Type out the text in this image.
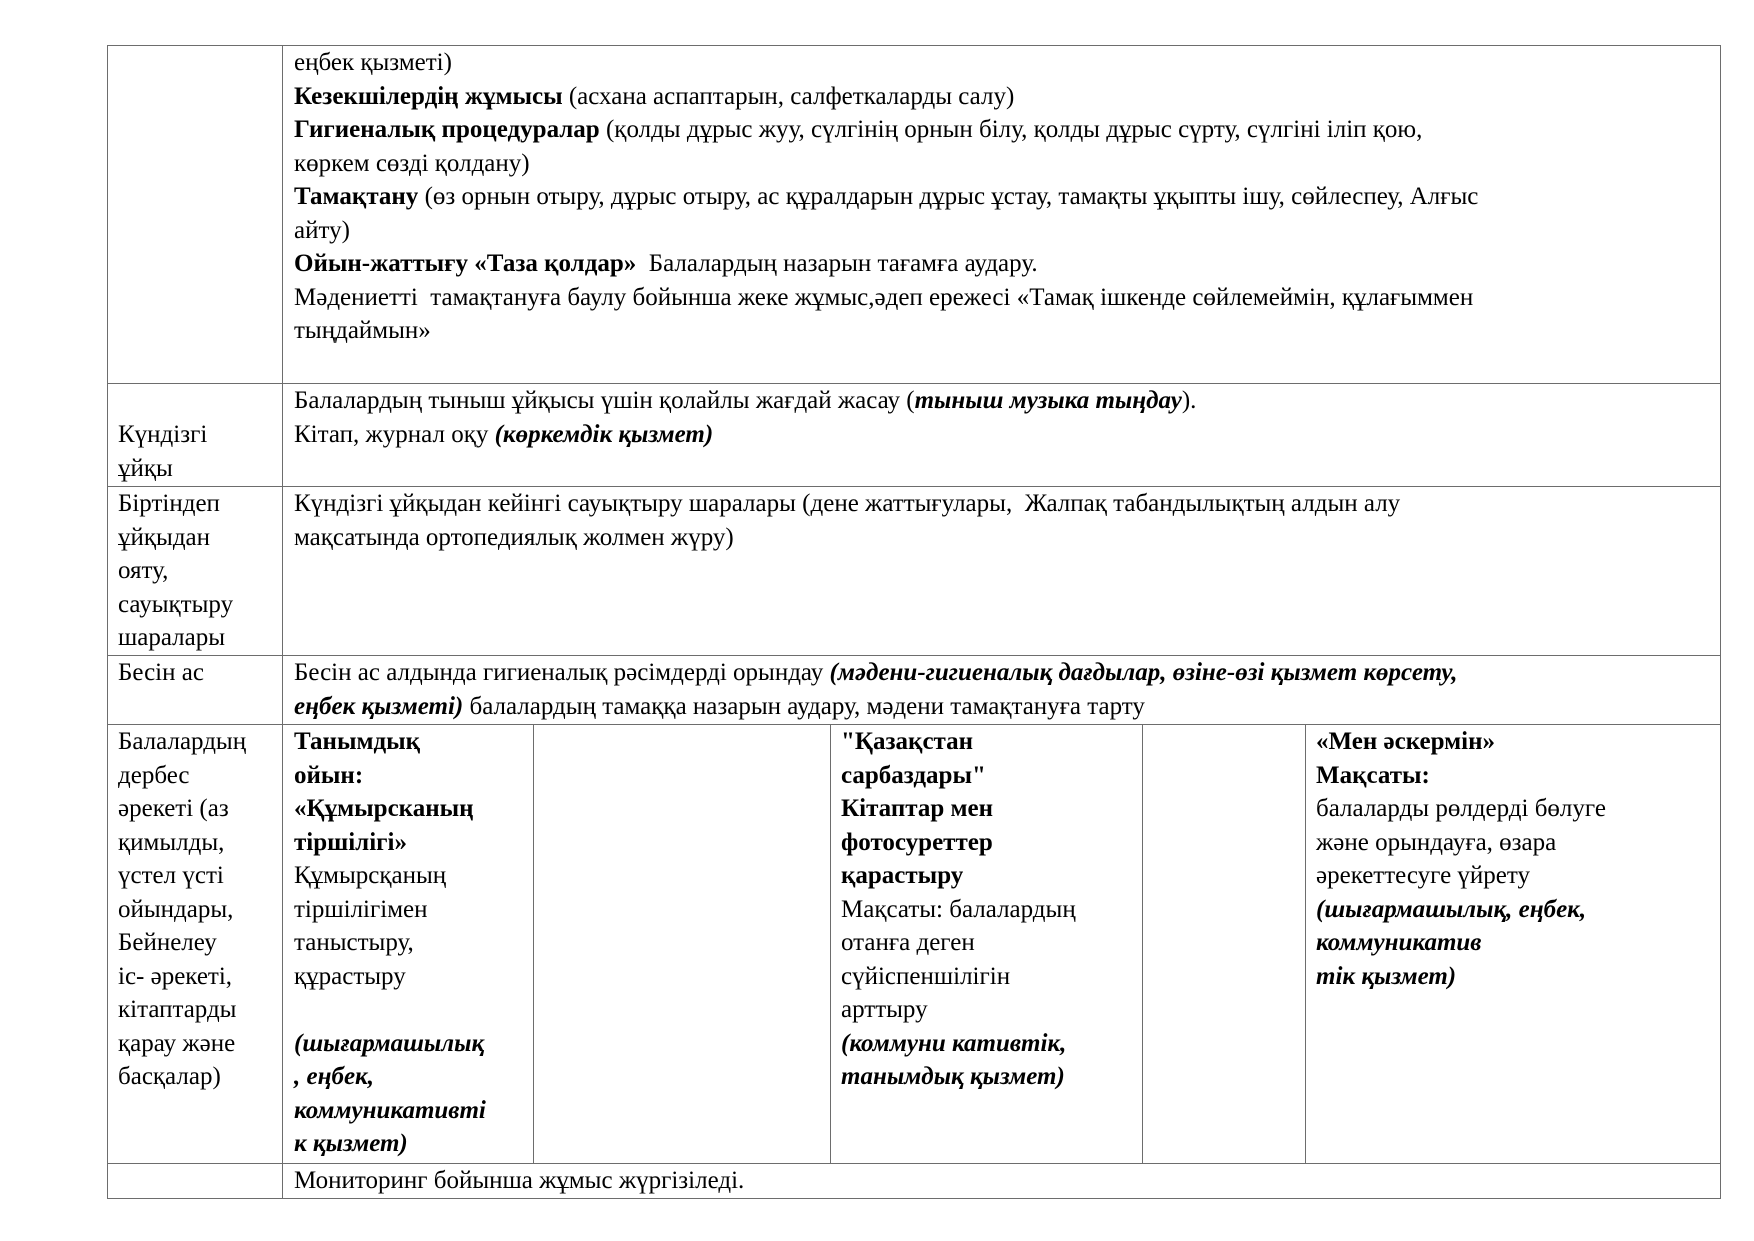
еңбек қызметі)
Кезекшілердің жұмысы (асхана аспаптарын, салфеткаларды салу)
Гигиеналық процедуралар (қолды дұрыс жуу, сүлгінің орнын білу, қолды дұрыс сүрту, сүлгіні іліп қою,
көркем сөзді қолдану)
Тамақтану (өз орнын отыру, дұрыс отыру, ас құралдарын дұрыс ұстау, тамақты ұқыпты ішу, сөйлеспеу, Алғыс
айту)
Ойын-жаттығу «Таза қолдар»  Балалардың назарын тағамға аудару.
Мәдениетті  тамақтануға баулу бойынша жеке жұмыс,әдеп ережесі «Тамақ ішкенде сөйлемеймін, құлағыммен
тыңдаймын»
Күндізгі
ұйқы
Балалардың тыныш ұйқысы үшін қолайлы жағдай жасау (тыныш музыка тыңдау).
Кітап, журнал оқу (көркемдік қызмет)
Біртіндеп
ұйқыдан
ояту,
сауықтыру
шаралары
Күндізгі ұйқыдан кейінгі сауықтыру шаралары (дене жаттығулары,  Жалпақ табандылықтың алдын алу
мақсатында ортопедиялық жолмен жүру)
Бесін ас	Бесін ас алдында гигиеналық рәсімдерді орындау (мәдени-гигиеналық дағдылар, өзіне-өзі қызмет көрсету,
еңбек қызметі) балалардың тамаққа назарын аудару, мәдени тамақтануға тарту
Балалардың
дербес
әрекеті (аз
қимылды,
үстел үсті
ойындары,
Бейнелеу
іс- әрекеті,
кітаптарды
қарау және
басқалар)
Танымдық
ойын:
«Құмырсканың
тіршілігі»
Құмырсқаның
тіршілігімен
таныстыру,
құрастыру
(шығармашылық
, еңбек,
коммуникативті
к қызмет)
"Қазақстан
сарбаздары"
Кітаптар мен
фотосуреттер
қарастыру
Мақсаты: балалардың
отанға деген
сүйіспеншілігін
арттыру
(коммуни кативтік,
танымдық қызмет)
«Мен әскермін»
Мақсаты:
балаларды рөлдерді бөлуге
және орындауға, өзара
әрекеттесуге үйрету
(шығармашылық, еңбек,
коммуникатив
тік қызмет)
Мониторинг бойынша жұмыс жүргізіледі.
